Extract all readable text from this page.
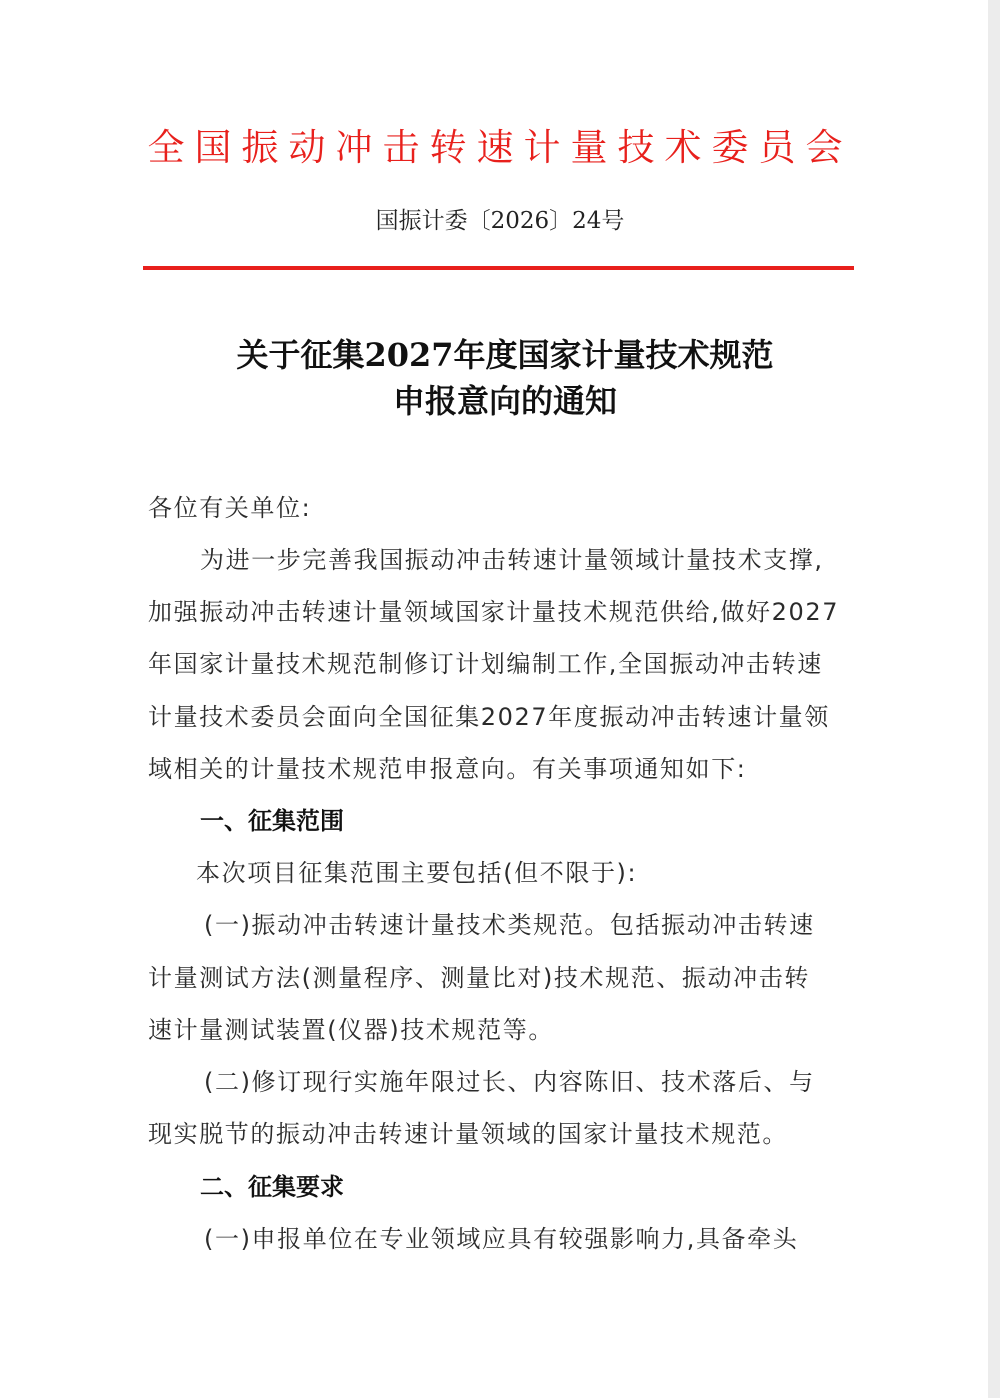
全国振动冲击转速计量技术委员会
国振计委〔2026〕24号
关于征集2027年度国家计量技术规范
申报意向的通知
各位有关单位:
为进一步完善我国振动冲击转速计量领域计量技术支撑,
加强振动冲击转速计量领域国家计量技术规范供给,做好2027
年国家计量技术规范制修订计划编制工作,全国振动冲击转速
计量技术委员会面向全国征集2027年度振动冲击转速计量领
域相关的计量技术规范申报意向。有关事项通知如下:
一、征集范围
本次项目征集范围主要包括(但不限于):
(一)振动冲击转速计量技术类规范。包括振动冲击转速
计量测试方法(测量程序、测量比对)技术规范、振动冲击转
速计量测试装置(仪器)技术规范等。
(二)修订现行实施年限过长、内容陈旧、技术落后、与
现实脱节的振动冲击转速计量领域的国家计量技术规范。
二、征集要求
(一)申报单位在专业领域应具有较强影响力,具备牵头
